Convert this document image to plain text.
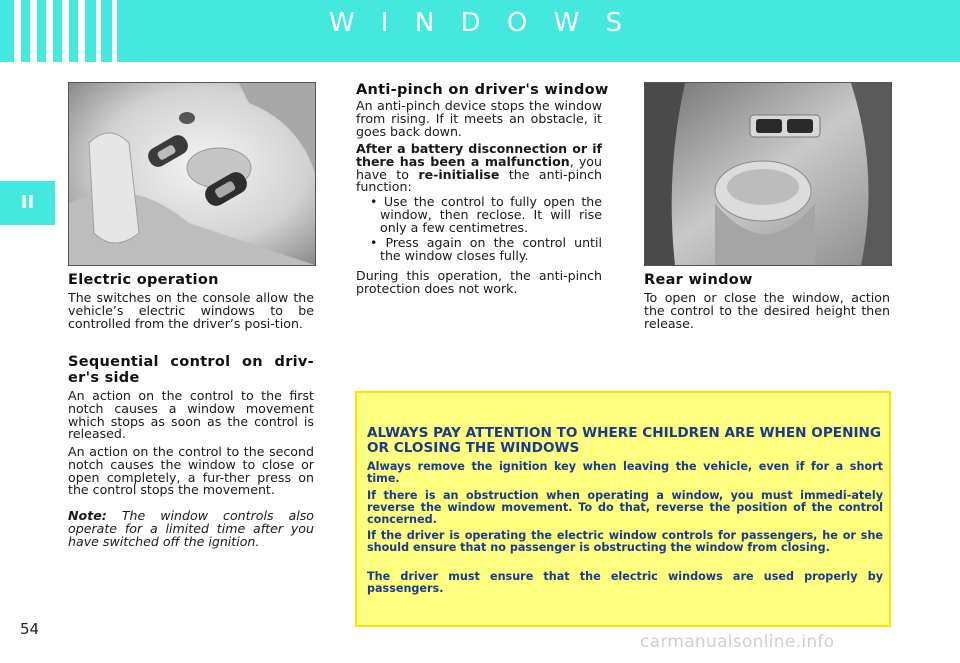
W I N D O W S
II
Electric operation

The switches on the console allow the vehicle’s electric windows to be controlled from the driver’s posi-tion.

Sequential control on driv-
er's side

An action on the control to the first notch causes a window movement which stops as soon as the control is released.

An action on the control to the second notch causes the window to close or open completely, a fur-ther press on the control stops the movement.

Note: The window controls also operate for a limited time after you have switched off the ignition.

Anti-pinch on driver's window

An anti-pinch device stops the window from rising. If it meets an obstacle, it goes back down.

After a battery disconnection or if there has been a malfunction, you have to re-initialise the anti-pinch function:

• Use the control to fully open the window, then reclose. It will rise only a few centimetres.
• Press again on the control until the window closes fully.

During this operation, the anti-pinch protection does not work.

Rear window

To open or close the window, action the control to the desired height then release.

ALWAYS PAY ATTENTION TO WHERE CHILDREN ARE WHEN OPENING OR CLOSING THE WINDOWS
Always remove the ignition key when leaving the vehicle, even if for a short time.
If there is an obstruction when operating a window, you must immedi-ately reverse the window movement. To do that, reverse the position of the control concerned.
If the driver is operating the electric window controls for passengers, he or she should ensure that no passenger is obstructing the window from closing.
The driver must ensure that the electric windows are used properly by passengers.
54
carmanualsonline.info
